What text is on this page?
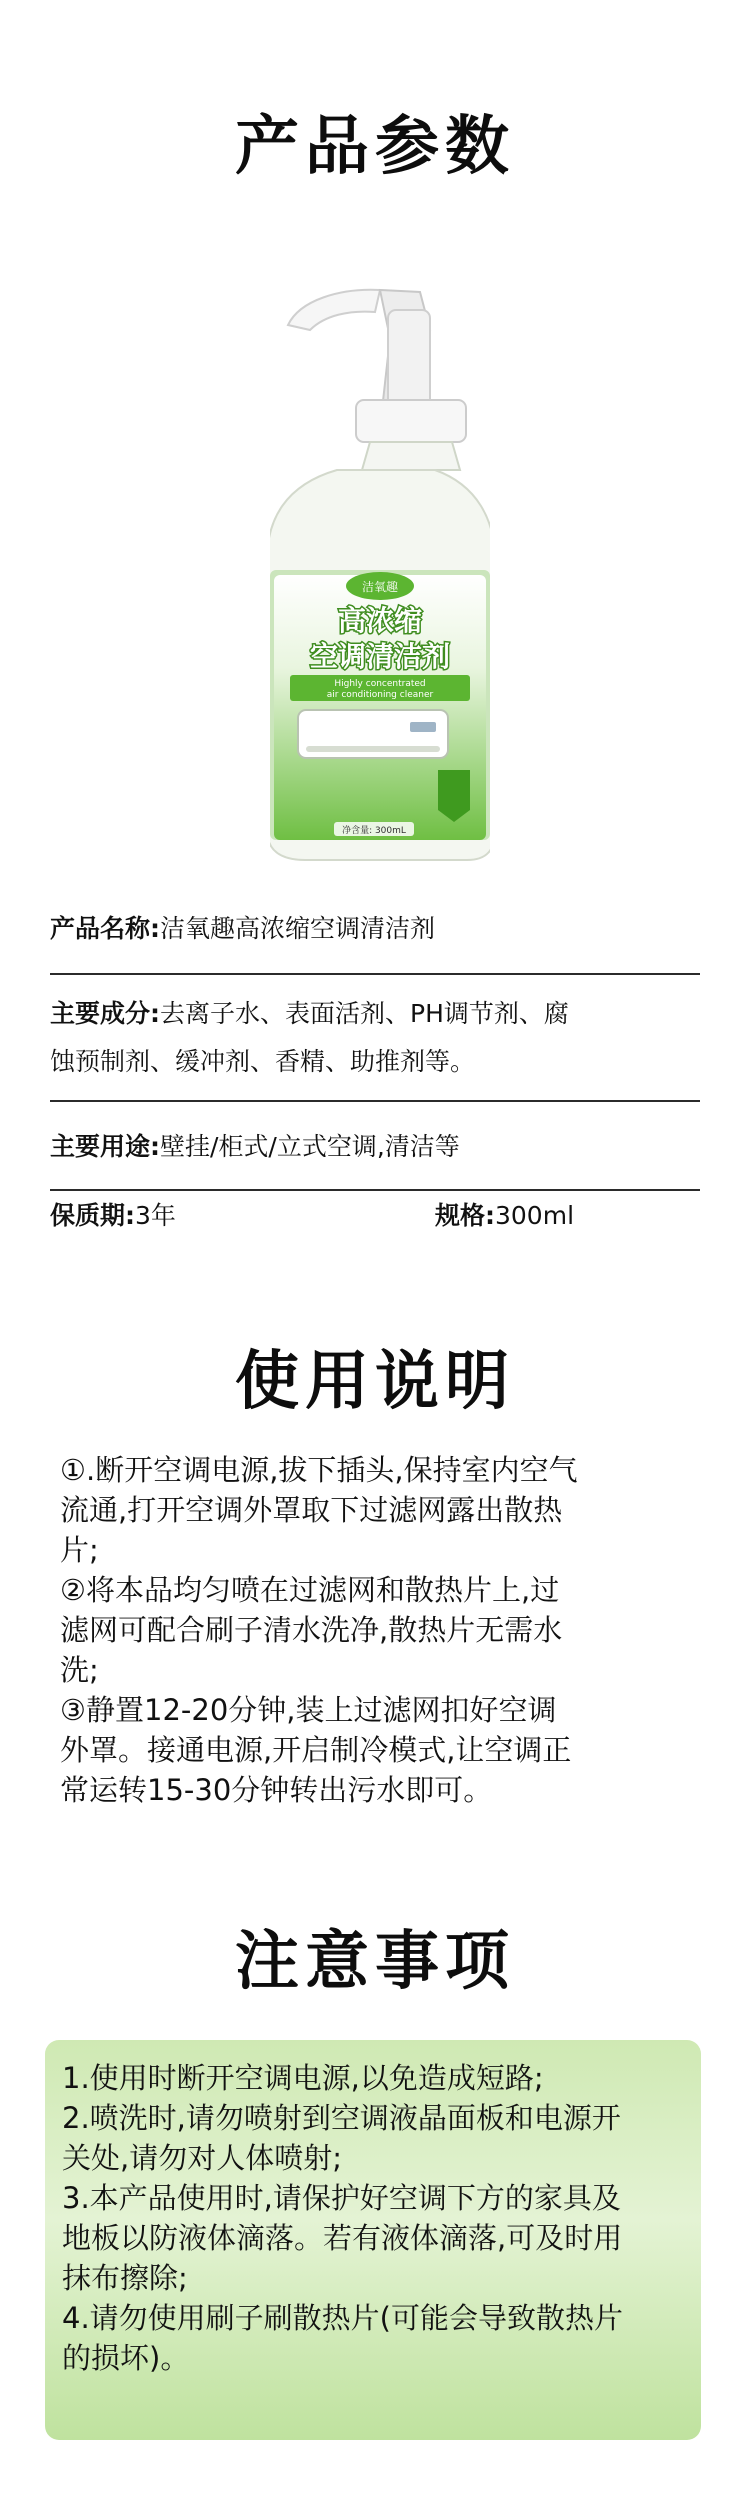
产品参数
洁氧趣
高浓缩
空调清洁剂
Highly concentrated
air conditioning cleaner
净含量: 300mL
产品名称:洁氧趣高浓缩空调清洁剂
主要成分:去离子水、表面活剂、PH调节剂、腐
蚀预制剂、缓冲剂、香精、助推剂等。
主要用途:壁挂/柜式/立式空调,清洁等
保质期:3年	规格:300ml
使用说明

①.断开空调电源,拔下插头,保持室内空气

流通,打开空调外罩取下过滤网露出散热

片;

②将本品均匀喷在过滤网和散热片上,过

滤网可配合刷子清水洗净,散热片无需水

洗;

③静置12-20分钟,装上过滤网扣好空调

外罩。接通电源,开启制冷模式,让空调正

常运转15-30分钟转出污水即可。

注意事项

1.使用时断开空调电源,以免造成短路;

2.喷洗时,请勿喷射到空调液晶面板和电源开

关处,请勿对人体喷射;

3.本产品使用时,请保护好空调下方的家具及

地板以防液体滴落。若有液体滴落,可及时用

抹布擦除;

4.请勿使用刷子刷散热片(可能会导致散热片

的损坏)。
